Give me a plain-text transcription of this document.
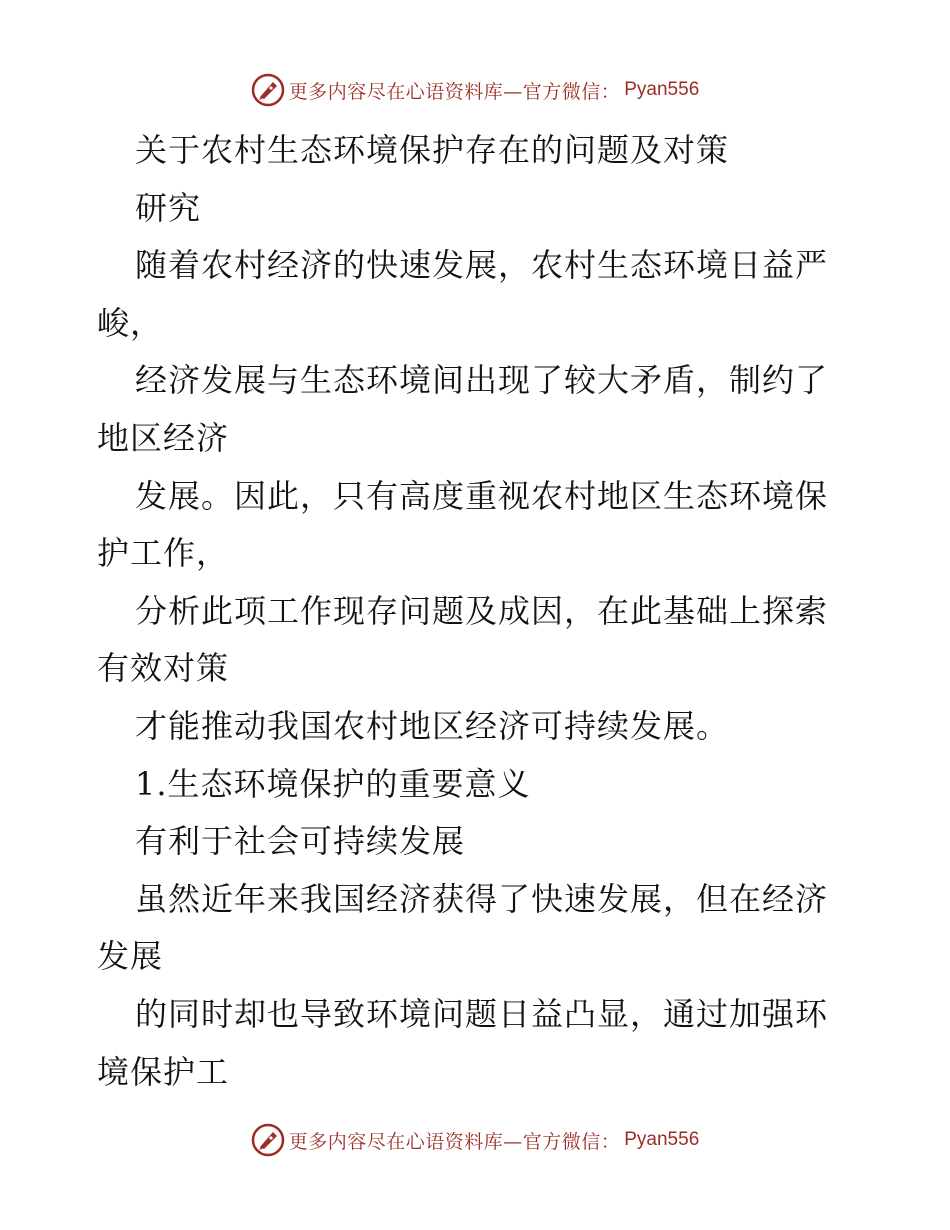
更多内容尽在心语资料库—官方微信： Pyan556
关于农村生态环境保护存在的问题及对策
研究
随着农村经济的快速发展，农村生态环境日益严
峻，
经济发展与生态环境间出现了较大矛盾，制约了
地区经济
发展。因此，只有高度重视农村地区生态环境保
护工作，
分析此项工作现存问题及成因，在此基础上探索
有效对策
才能推动我国农村地区经济可持续发展。
1.生态环境保护的重要意义
有利于社会可持续发展
虽然近年来我国经济获得了快速发展，但在经济
发展
的同时却也导致环境问题日益凸显，通过加强环
境保护工
更多内容尽在心语资料库—官方微信： Pyan556
